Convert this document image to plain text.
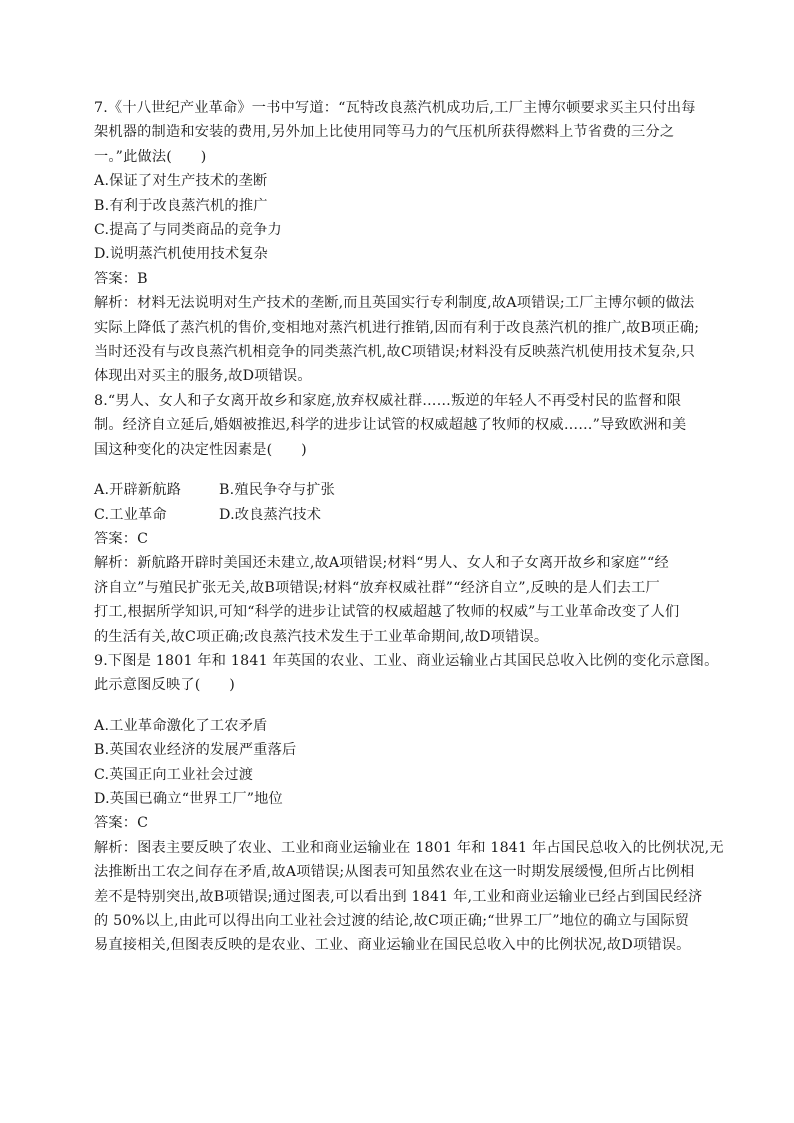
7.《十八世纪产业革命》一书中写道：“瓦特改良蒸汽机成功后,工厂主博尔顿要求买主只付出每
架机器的制造和安装的费用,另外加上比使用同等马力的气压机所获得燃料上节省费的三分之
一。”此做法(　　)
A.保证了对生产技术的垄断
B.有利于改良蒸汽机的推广
C.提高了与同类商品的竞争力
D.说明蒸汽机使用技术复杂
答案：B
解析：材料无法说明对生产技术的垄断,而且英国实行专利制度,故A项错误;工厂主博尔顿的做法
实际上降低了蒸汽机的售价,变相地对蒸汽机进行推销,因而有利于改良蒸汽机的推广,故B项正确;
当时还没有与改良蒸汽机相竞争的同类蒸汽机,故C项错误;材料没有反映蒸汽机使用技术复杂,只
体现出对买主的服务,故D项错误。
8.“男人、女人和子女离开故乡和家庭,放弃权威社群……叛逆的年轻人不再受村民的监督和限
制。经济自立延后,婚姻被推迟,科学的进步让试管的权威超越了牧师的权威……”导致欧洲和美
国这种变化的决定性因素是(　　)
A.开辟新航路	B.殖民争夺与扩张
C.工业革命	D.改良蒸汽技术
答案：C
解析：新航路开辟时美国还未建立,故A项错误;材料“男人、女人和子女离开故乡和家庭”“经
济自立”与殖民扩张无关,故B项错误;材料“放弃权威社群”“经济自立”,反映的是人们去工厂
打工,根据所学知识,可知“科学的进步让试管的权威超越了牧师的权威”与工业革命改变了人们
的生活有关,故C项正确;改良蒸汽技术发生于工业革命期间,故D项错误。
9.下图是 1801 年和 1841 年英国的农业、工业、商业运输业占其国民总收入比例的变化示意图。
此示意图反映了(　　)
A.工业革命激化了工农矛盾
B.英国农业经济的发展严重落后
C.英国正向工业社会过渡
D.英国已确立“世界工厂”地位
答案：C
解析：图表主要反映了农业、工业和商业运输业在 1801 年和 1841 年占国民总收入的比例状况,无
法推断出工农之间存在矛盾,故A项错误;从图表可知虽然农业在这一时期发展缓慢,但所占比例相
差不是特别突出,故B项错误;通过图表,可以看出到 1841 年,工业和商业运输业已经占到国民经济
的 50%以上,由此可以得出向工业社会过渡的结论,故C项正确;“世界工厂”地位的确立与国际贸
易直接相关,但图表反映的是农业、工业、商业运输业在国民总收入中的比例状况,故D项错误。
